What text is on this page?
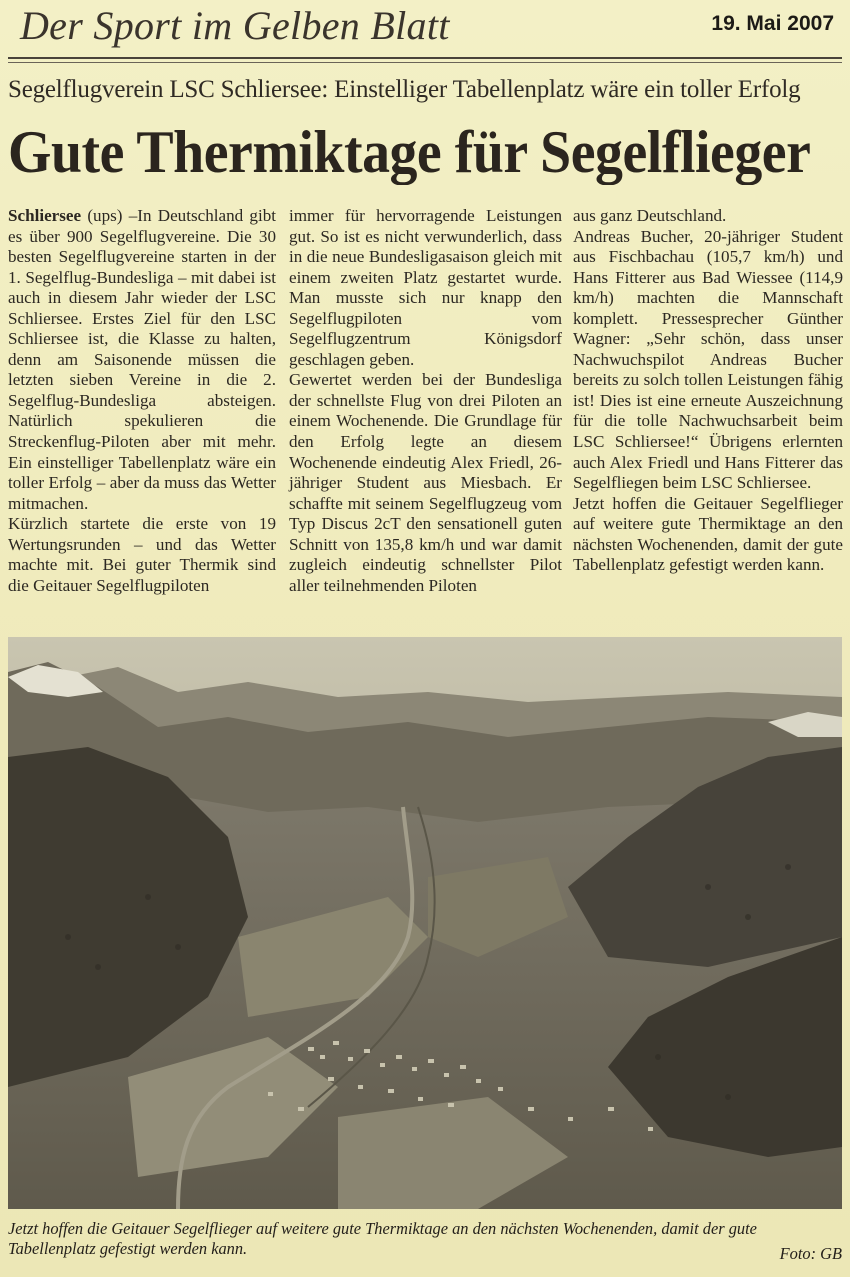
Der Sport im Gelben Blatt	19. Mai 2007
Segelflugverein LSC Schliersee: Einstelliger Tabellenplatz wäre ein toller Erfolg
Gute Thermiktage für Segelflieger

Schliersee (ups) –In Deutschland gibt es über 900 Segelflugvereine. Die 30 besten Segelflugvereine starten in der 1. Segelflug-Bundesliga – mit dabei ist auch in diesem Jahr wieder der LSC Schliersee. Erstes Ziel für den LSC Schliersee ist, die Klasse zu halten, denn am Saisonende müssen die letzten sieben Vereine in die 2. Segelflug-Bundesliga absteigen. Natürlich spekulieren die Streckenflug-Piloten aber mit mehr. Ein einstelliger Tabellenplatz wäre ein toller Erfolg – aber da muss das Wetter mitmachen.

Kürzlich startete die erste von 19 Wertungsrunden – und das Wetter machte mit. Bei guter Thermik sind die Geitauer Segelflugpiloten

immer für hervorragende Leistungen gut. So ist es nicht verwunderlich, dass in die neue Bundesligasaison gleich mit einem zweiten Platz gestartet wurde. Man musste sich nur knapp den Segelflugpiloten vom Segelflugzentrum Königsdorf geschlagen geben.

Gewertet werden bei der Bundesliga der schnellste Flug von drei Piloten an einem Wochenende. Die Grundlage für den Erfolg legte an diesem Wochenende eindeutig Alex Friedl, 26-jähriger Student aus Miesbach. Er schaffte mit seinem Segelflugzeug vom Typ Discus 2cT den sensationell guten Schnitt von 135,8 km/h und war damit zugleich eindeutig schnellster Pilot aller teilnehmenden Piloten

aus ganz Deutschland.

Andreas Bucher, 20-jähriger Student aus Fischbachau (105,7 km/h) und Hans Fitterer aus Bad Wiessee (114,9 km/h) machten die Mannschaft komplett. Pressesprecher Günther Wagner: „Sehr schön, dass unser Nachwuchspilot Andreas Bucher bereits zu solch tollen Leistungen fähig ist! Dies ist eine erneute Auszeichnung für die tolle Nachwuchsarbeit beim LSC Schliersee!“ Übrigens erlernten auch Alex Friedl und Hans Fitterer das Segelfliegen beim LSC Schliersee.

Jetzt hoffen die Geitauer Segelflieger auf weitere gute Thermiktage an den nächsten Wochenenden, damit der gute Tabellenplatz gefestigt werden kann.

Jetzt hoffen die Geitauer Segelflieger auf weitere gute Thermiktage an den nächsten Wochenenden, damit der gute Tabellenplatz gefestigt werden kann.	Foto: GB
